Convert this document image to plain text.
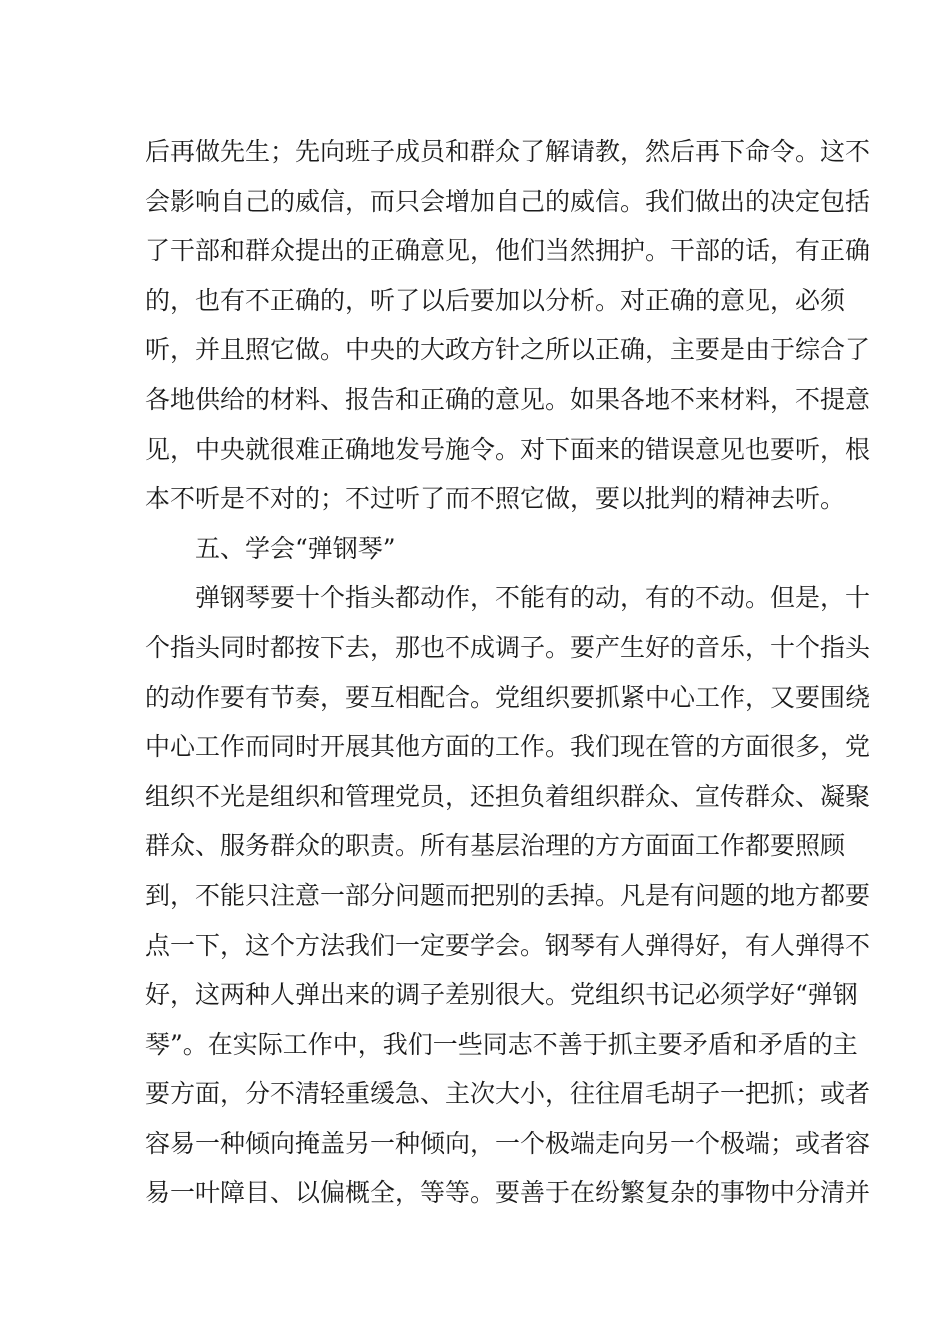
后再做先生；先向班子成员和群众了解请教，然后再下命令。这不
会影响自己的威信，而只会增加自己的威信。我们做出的决定包括
了干部和群众提出的正确意见，他们当然拥护。干部的话，有正确
的，也有不正确的，听了以后要加以分析。对正确的意见，必须
听，并且照它做。中央的大政方针之所以正确，主要是由于综合了
各地供给的材料、报告和正确的意见。如果各地不来材料，不提意
见，中央就很难正确地发号施令。对下面来的错误意见也要听，根
本不听是不对的；不过听了而不照它做，要以批判的精神去听。
五、学会“弹钢琴”
弹钢琴要十个指头都动作，不能有的动，有的不动。但是，十
个指头同时都按下去，那也不成调子。要产生好的音乐，十个指头
的动作要有节奏，要互相配合。党组织要抓紧中心工作，又要围绕
中心工作而同时开展其他方面的工作。我们现在管的方面很多，党
组织不光是组织和管理党员，还担负着组织群众、宣传群众、凝聚
群众、服务群众的职责。所有基层治理的方方面面工作都要照顾
到，不能只注意一部分问题而把别的丢掉。凡是有问题的地方都要
点一下，这个方法我们一定要学会。钢琴有人弹得好，有人弹得不
好，这两种人弹出来的调子差别很大。党组织书记必须学好“弹钢
琴”。在实际工作中，我们一些同志不善于抓主要矛盾和矛盾的主
要方面，分不清轻重缓急、主次大小，往往眉毛胡子一把抓；或者
容易一种倾向掩盖另一种倾向，一个极端走向另一个极端；或者容
易一叶障目、以偏概全，等等。要善于在纷繁复杂的事物中分清并
